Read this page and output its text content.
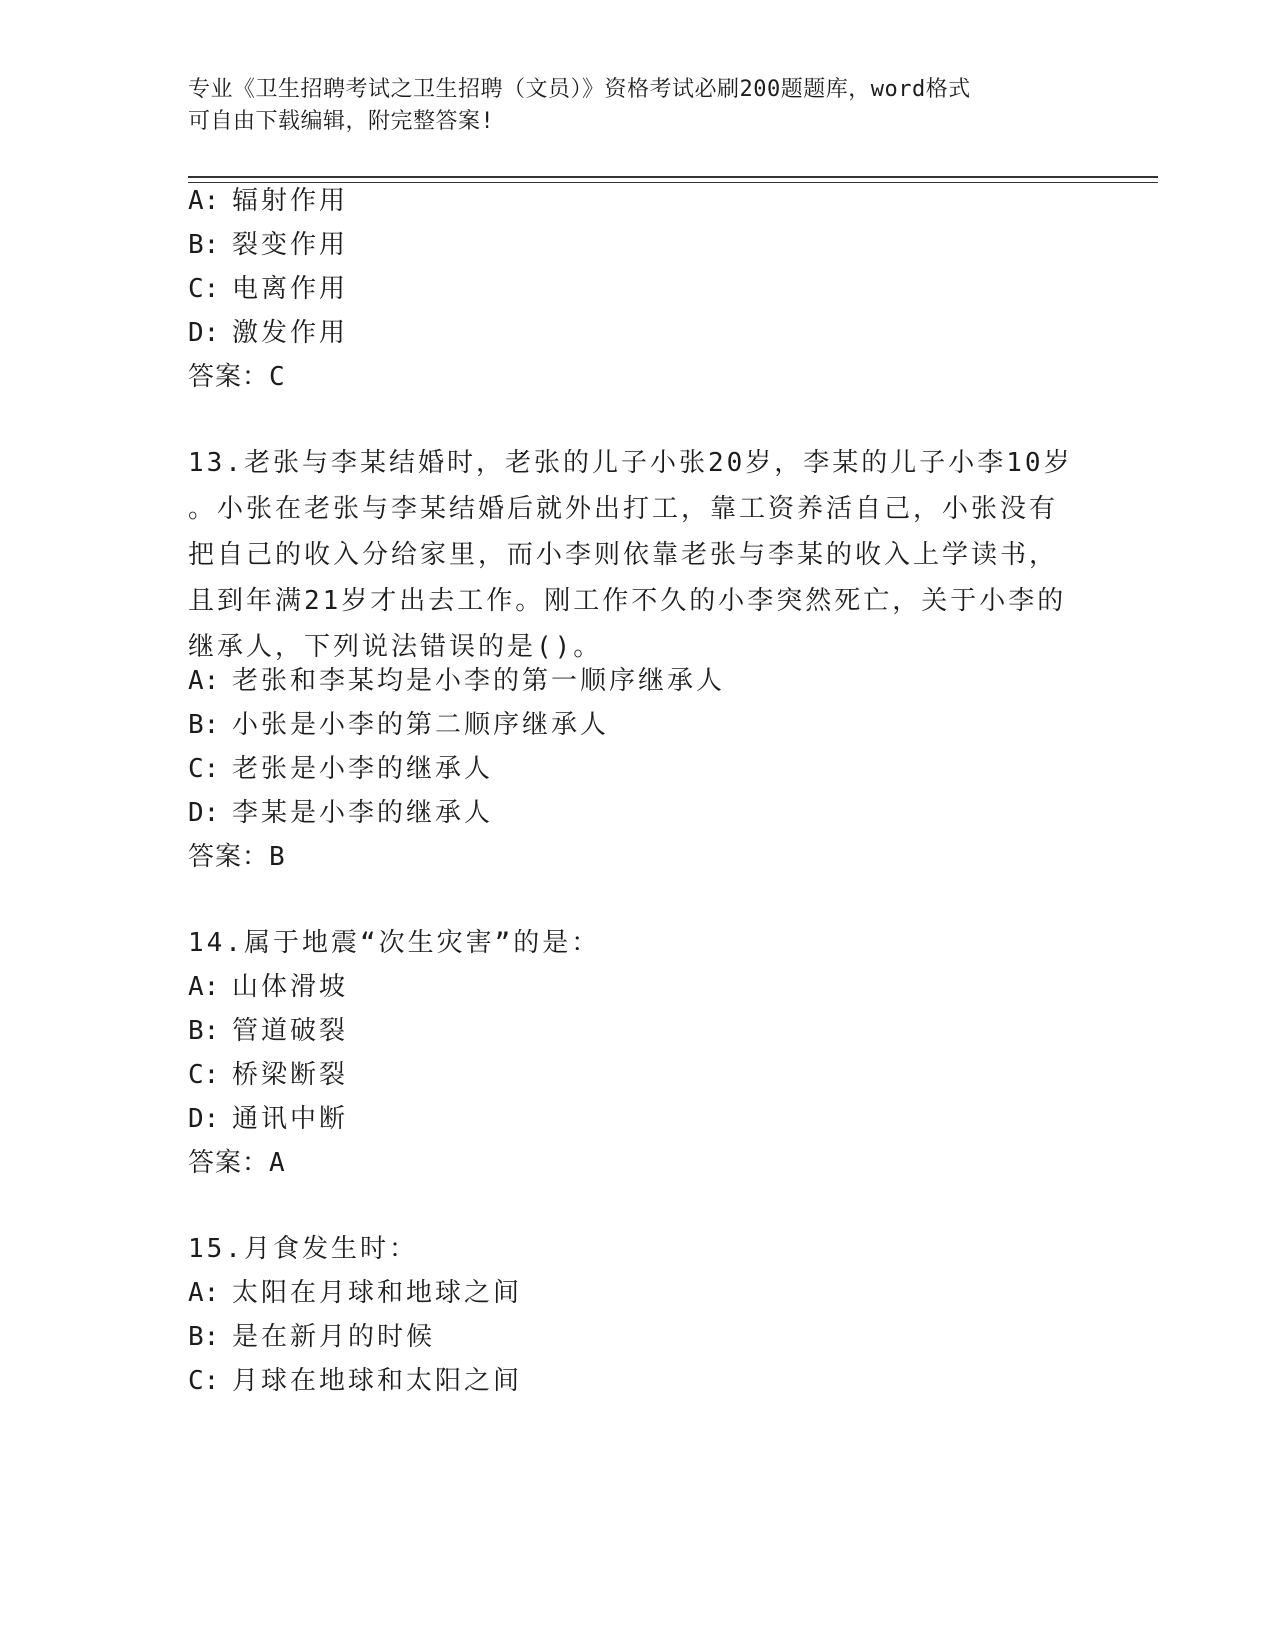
专业《卫生招聘考试之卫生招聘（文员）》资格考试必刷200题题库，word格式
可自由下载编辑，附完整答案!
A: 辐射作用
B: 裂变作用
C: 电离作用
D: 激发作用
答案：C
13.老张与李某结婚时，老张的儿子小张20岁，李某的儿子小李10岁
。小张在老张与李某结婚后就外出打工，靠工资养活自己，小张没有
把自己的收入分给家里，而小李则依靠老张与李某的收入上学读书，
且到年满21岁才出去工作。刚工作不久的小李突然死亡，关于小李的
继承人，下列说法错误的是()。
A: 老张和李某均是小李的第一顺序继承人
B: 小张是小李的第二顺序继承人
C: 老张是小李的继承人
D: 李某是小李的继承人
答案：B
14.属于地震“次生灾害”的是：
A: 山体滑坡
B: 管道破裂
C: 桥梁断裂
D: 通讯中断
答案：A
15.月食发生时：
A: 太阳在月球和地球之间
B: 是在新月的时候
C: 月球在地球和太阳之间
